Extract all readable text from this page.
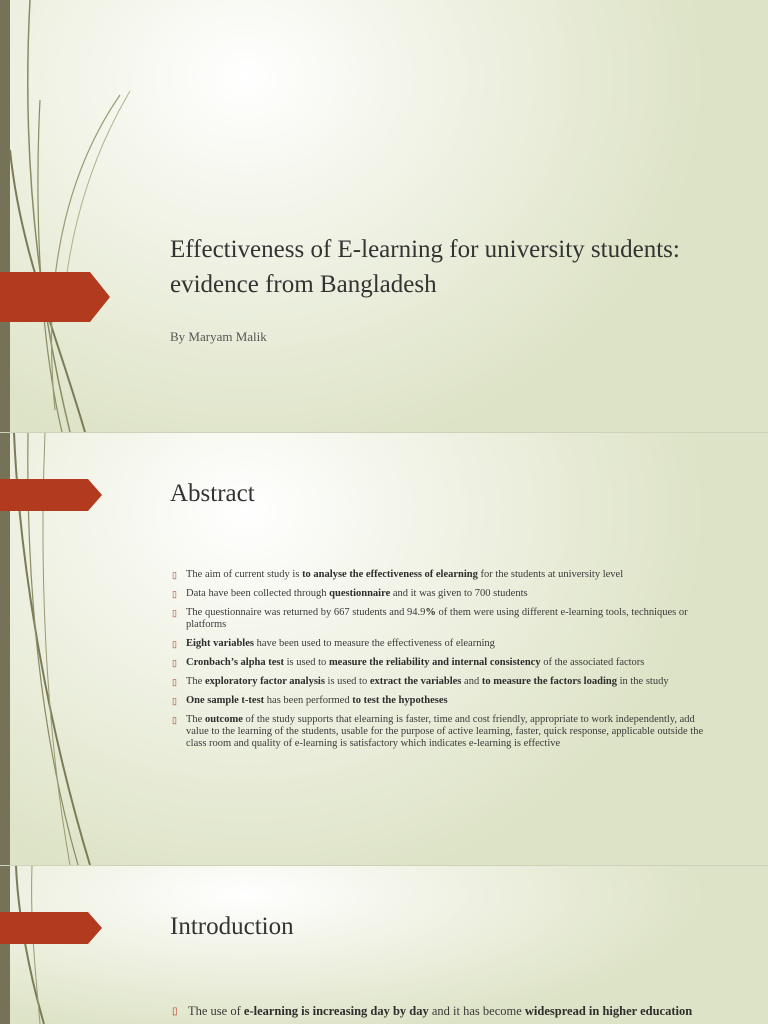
Effectiveness of E-learning for university students: evidence from Bangladesh
By Maryam Malik
Abstract
▯ The aim of current study is to analyse the effectiveness of elearning for the students at university level
▯ Data have been collected through questionnaire and it was given to 700 students
▯ The questionnaire was returned by 667 students and 94.9% of them were using different e-learning tools, techniques or platforms
▯ Eight variables have been used to measure the effectiveness of elearning
▯ Cronbach’s alpha test is used to measure the reliability and internal consistency of the associated factors
▯ The exploratory factor analysis is used to extract the variables and to measure the factors loading in the study
▯ One sample t-test has been performed to test the hypotheses
▯ The outcome of the study supports that elearning is faster, time and cost friendly, appropriate to work independently, add value to the learning of the students, usable for the purpose of active learning, faster, quick response, applicable outside the class room and quality of e-learning is satisfactory which indicates e-learning is effective
Introduction
▯ The use of e-learning is increasing day by day and it has become widespread in higher education
